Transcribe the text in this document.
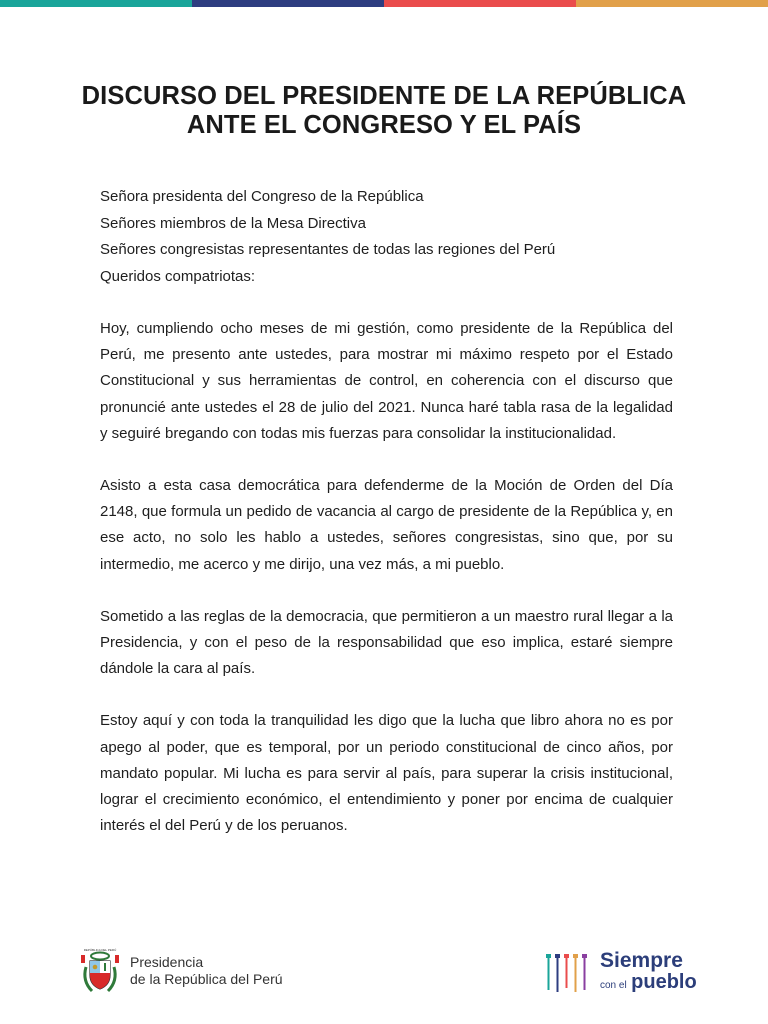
DISCURSO DEL PRESIDENTE DE LA REPÚBLICA
ANTE EL CONGRESO Y EL PAÍS
Señora presidenta del Congreso de la República
Señores miembros de la Mesa Directiva
Señores congresistas representantes de todas las regiones del Perú
Queridos compatriotas:

Hoy, cumpliendo ocho meses de mi gestión, como presidente de la República del Perú, me presento ante ustedes, para mostrar mi máximo respeto por el Estado Constitucional y sus herramientas de control, en coherencia con el discurso que pronuncié ante ustedes el 28 de julio del 2021. Nunca haré tabla rasa de la legalidad y seguiré bregando con todas mis fuerzas para consolidar la institucionalidad.

Asisto a esta casa democrática para defenderme de la Moción de Orden del Día 2148, que formula un pedido de vacancia al cargo de presidente de la República y, en ese acto, no solo les hablo a ustedes, señores congresistas, sino que, por su intermedio, me acerco y me dirijo, una vez más, a mi pueblo.

Sometido a las reglas de la democracia, que permitieron a un maestro rural llegar a la Presidencia, y con el peso de la responsabilidad que eso implica, estaré siempre dándole la cara al país.

Estoy aquí y con toda la tranquilidad les digo que la lucha que libro ahora no es por apego al poder, que es temporal, por un periodo constitucional de cinco años, por mandato popular. Mi lucha es para servir al país, para superar la crisis institucional, lograr el crecimiento económico, el entendimiento y poner por encima de cualquier interés el del Perú y de los peruanos.

REPÚBLICA DEL PERÚ
Presidencia
de la República del Perú
Siempre
con el pueblo
